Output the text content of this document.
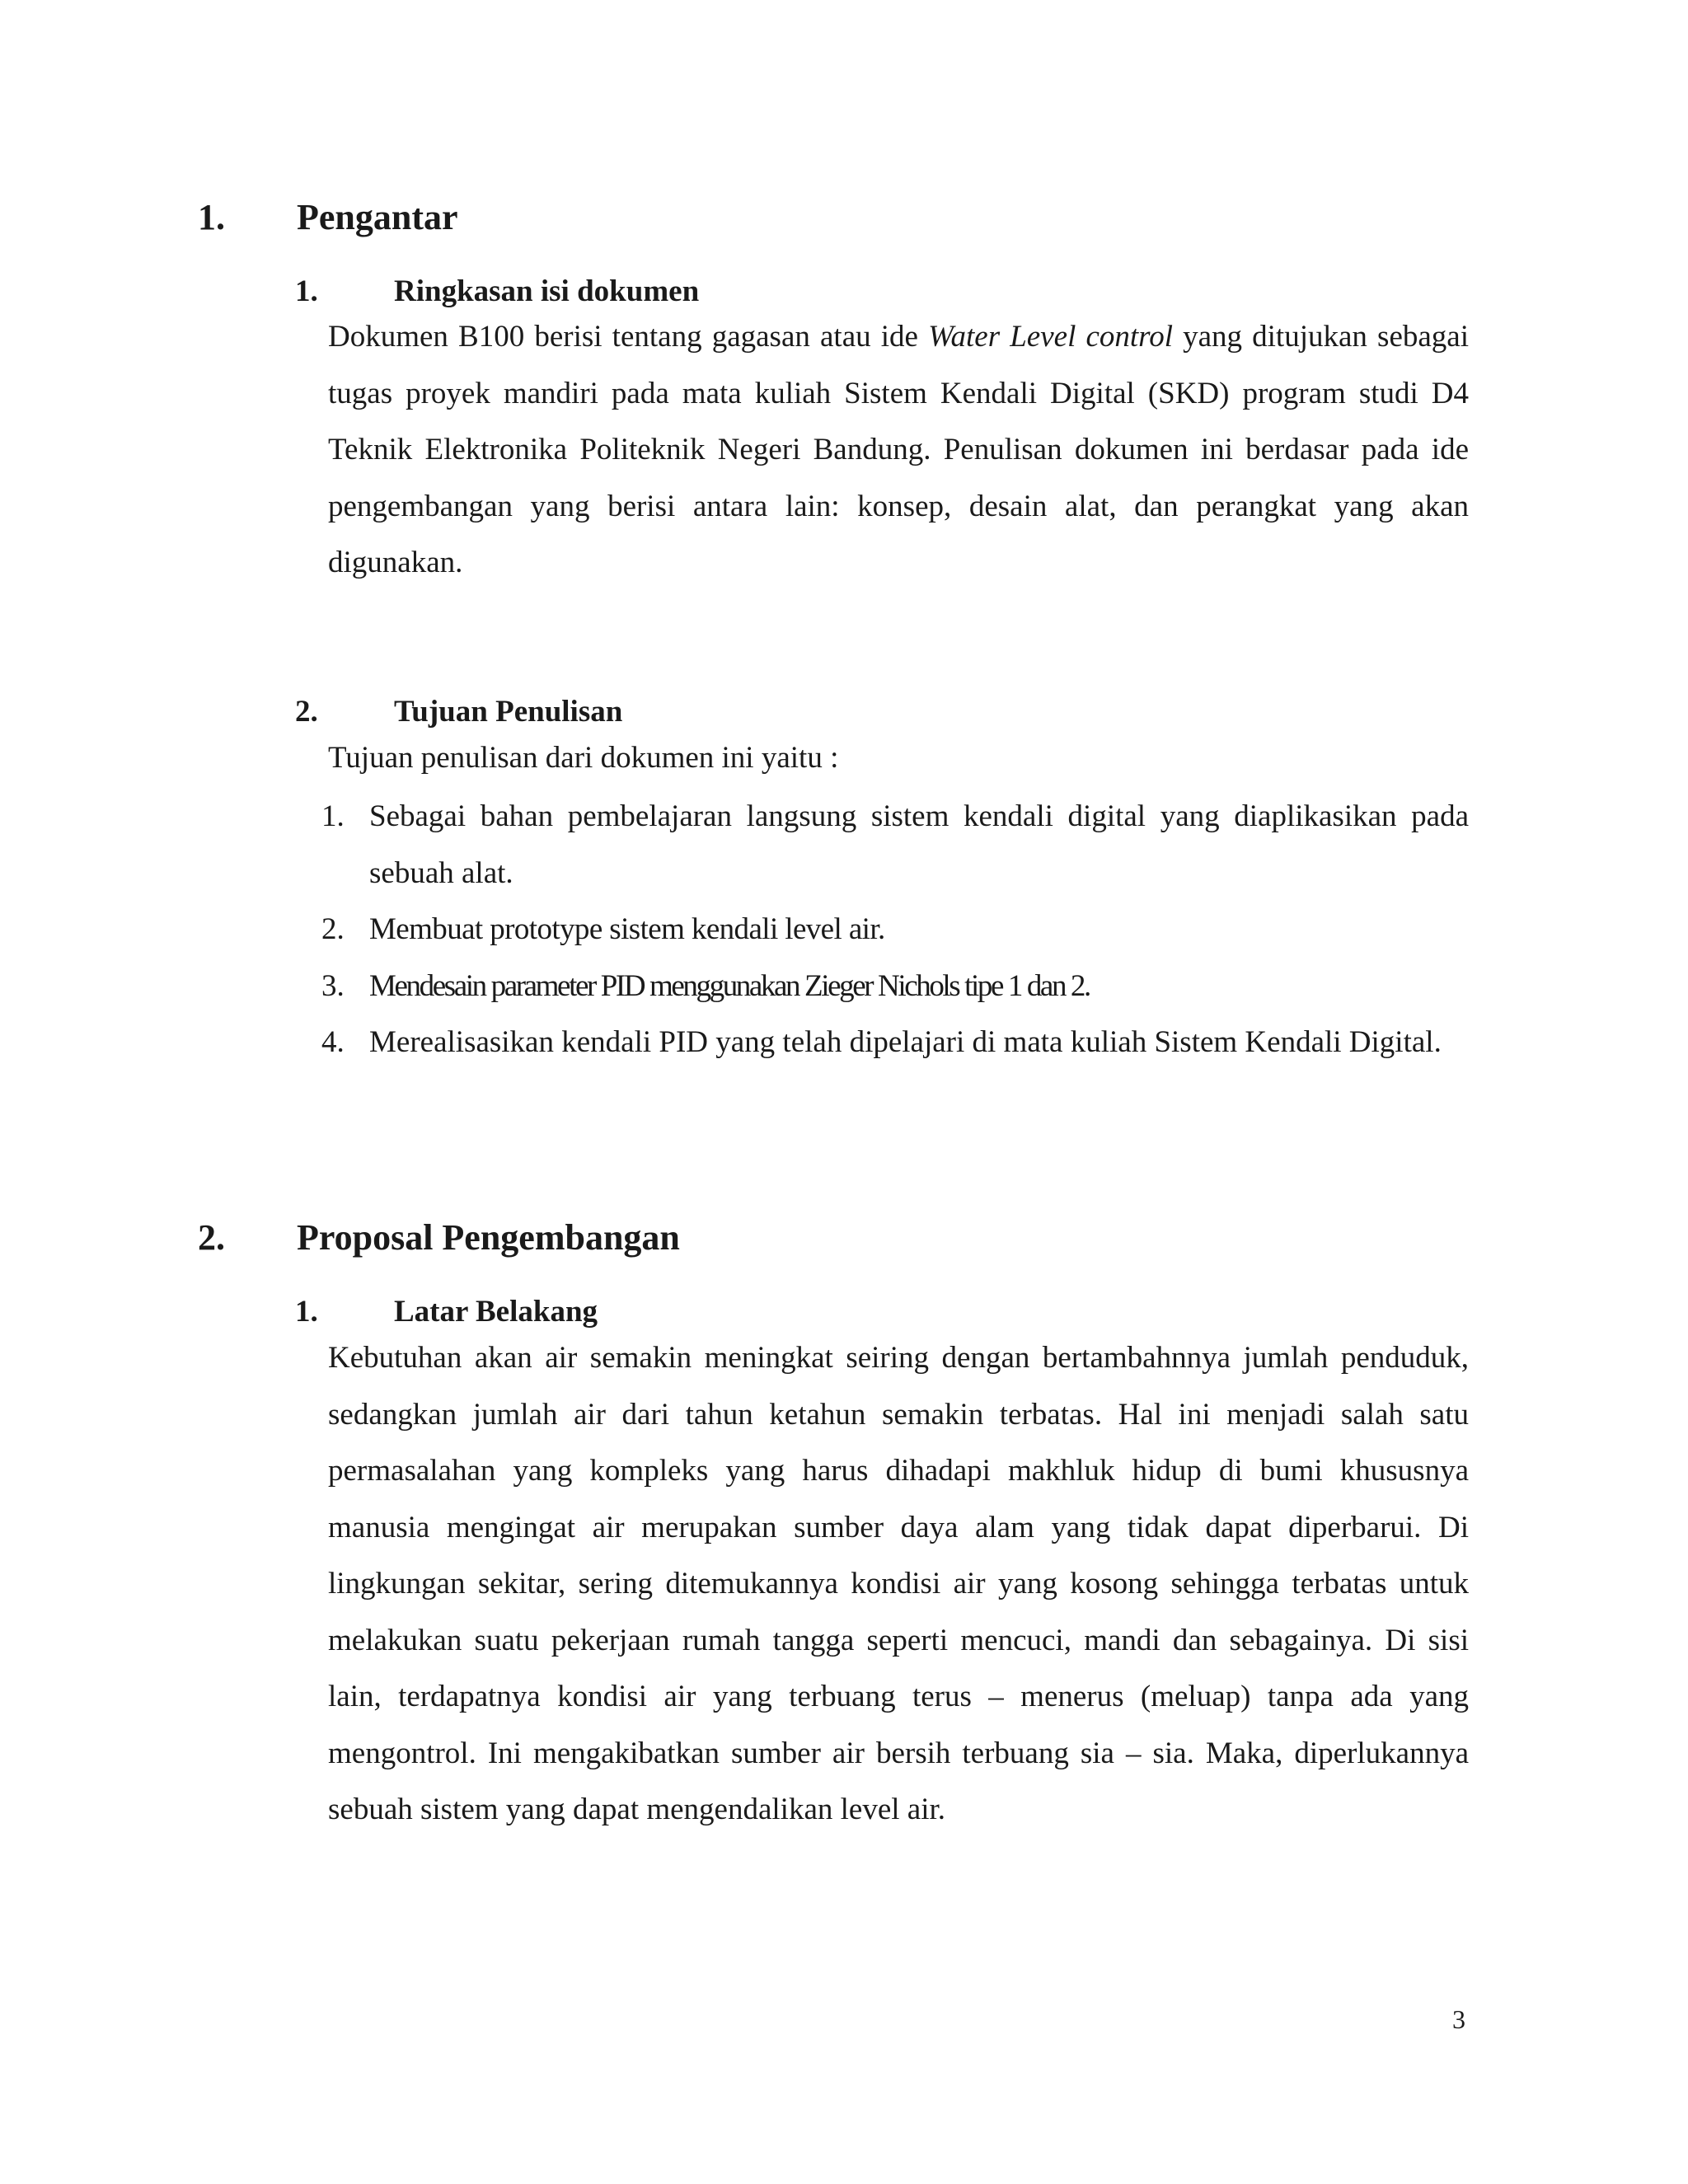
1. Pengantar
1. Ringkasan isi dokumen

Dokumen B100 berisi tentang gagasan atau ide Water Level control yang ditujukan sebagai tugas proyek mandiri pada mata kuliah Sistem Kendali Digital (SKD) program studi D4 Teknik Elektronika Politeknik Negeri Bandung. Penulisan dokumen ini berdasar pada ide pengembangan yang berisi antara lain: konsep, desain alat, dan perangkat yang akan digunakan.

2. Tujuan Penulisan

Tujuan penulisan dari dokumen ini yaitu :

1. Sebagai bahan pembelajaran langsung sistem kendali digital yang diaplikasikan pada sebuah alat.
2. Membuat prototype sistem kendali level air.
3. Mendesain parameter PID menggunakan Zieger Nichols tipe 1 dan 2.
4. Merealisasikan kendali PID yang telah dipelajari di mata kuliah Sistem Kendali Digital.
2. Proposal Pengembangan
1. Latar Belakang

Kebutuhan akan air semakin meningkat seiring dengan bertambahnnya jumlah penduduk, sedangkan jumlah air dari tahun ketahun semakin terbatas. Hal ini menjadi salah satu permasalahan yang kompleks yang harus dihadapi makhluk hidup di bumi khususnya manusia mengingat air merupakan sumber daya alam yang tidak dapat diperbarui. Di lingkungan sekitar, sering ditemukannya kondisi air yang kosong sehingga terbatas untuk melakukan suatu pekerjaan rumah tangga seperti mencuci, mandi dan sebagainya. Di sisi lain, terdapatnya kondisi air yang terbuang terus – menerus (meluap) tanpa ada yang mengontrol. Ini mengakibatkan sumber air bersih terbuang sia – sia. Maka, diperlukannya sebuah sistem yang dapat mengendalikan level air.

3
